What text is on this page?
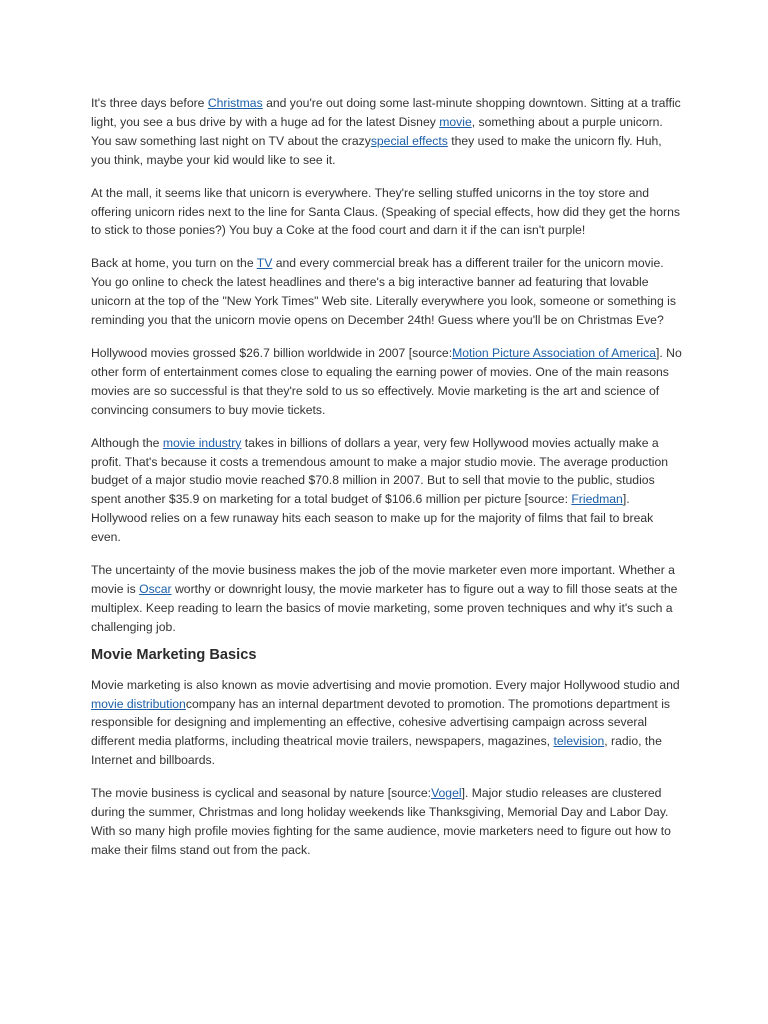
It's three days before Christmas and you're out doing some last-minute shopping downtown. Sitting at a traffic light, you see a bus drive by with a huge ad for the latest Disney movie, something about a purple unicorn. You saw something last night on TV about the crazyspecial effects they used to make the unicorn fly. Huh, you think, maybe your kid would like to see it.

At the mall, it seems like that unicorn is everywhere. They're selling stuffed unicorns in the toy store and offering unicorn rides next to the line for Santa Claus. (Speaking of special effects, how did they get the horns to stick to those ponies?) You buy a Coke at the food court and darn it if the can isn't purple!

Back at home, you turn on the TV and every commercial break has a different trailer for the unicorn movie. You go online to check the latest headlines and there's a big interactive banner ad featuring that lovable unicorn at the top of the "New York Times" Web site. Literally everywhere you look, someone or something is reminding you that the unicorn movie opens on December 24th! Guess where you'll be on Christmas Eve?

Hollywood movies grossed $26.7 billion worldwide in 2007 [source:Motion Picture Association of America]. No other form of entertainment comes close to equaling the earning power of movies. One of the main reasons movies are so successful is that they're sold to us so effectively. Movie marketing is the art and science of convincing consumers to buy movie tickets.

Although the movie industry takes in billions of dollars a year, very few Hollywood movies actually make a profit. That's because it costs a tremendous amount to make a major studio movie. The average production budget of a major studio movie reached $70.8 million in 2007. But to sell that movie to the public, studios spent another $35.9 on marketing for a total budget of $106.6 million per picture [source: Friedman]. Hollywood relies on a few runaway hits each season to make up for the majority of films that fail to break even.

The uncertainty of the movie business makes the job of the movie marketer even more important. Whether a movie is Oscar worthy or downright lousy, the movie marketer has to figure out a way to fill those seats at the multiplex. Keep reading to learn the basics of movie marketing, some proven techniques and why it's such a challenging job.

Movie Marketing Basics

Movie marketing is also known as movie advertising and movie promotion. Every major Hollywood studio and movie distributioncompany has an internal department devoted to promotion. The promotions department is responsible for designing and implementing an effective, cohesive advertising campaign across several different media platforms, including theatrical movie trailers, newspapers, magazines, television, radio, the Internet and billboards.

The movie business is cyclical and seasonal by nature [source:Vogel]. Major studio releases are clustered during the summer, Christmas and long holiday weekends like Thanksgiving, Memorial Day and Labor Day. With so many high profile movies fighting for the same audience, movie marketers need to figure out how to make their films stand out from the pack.
